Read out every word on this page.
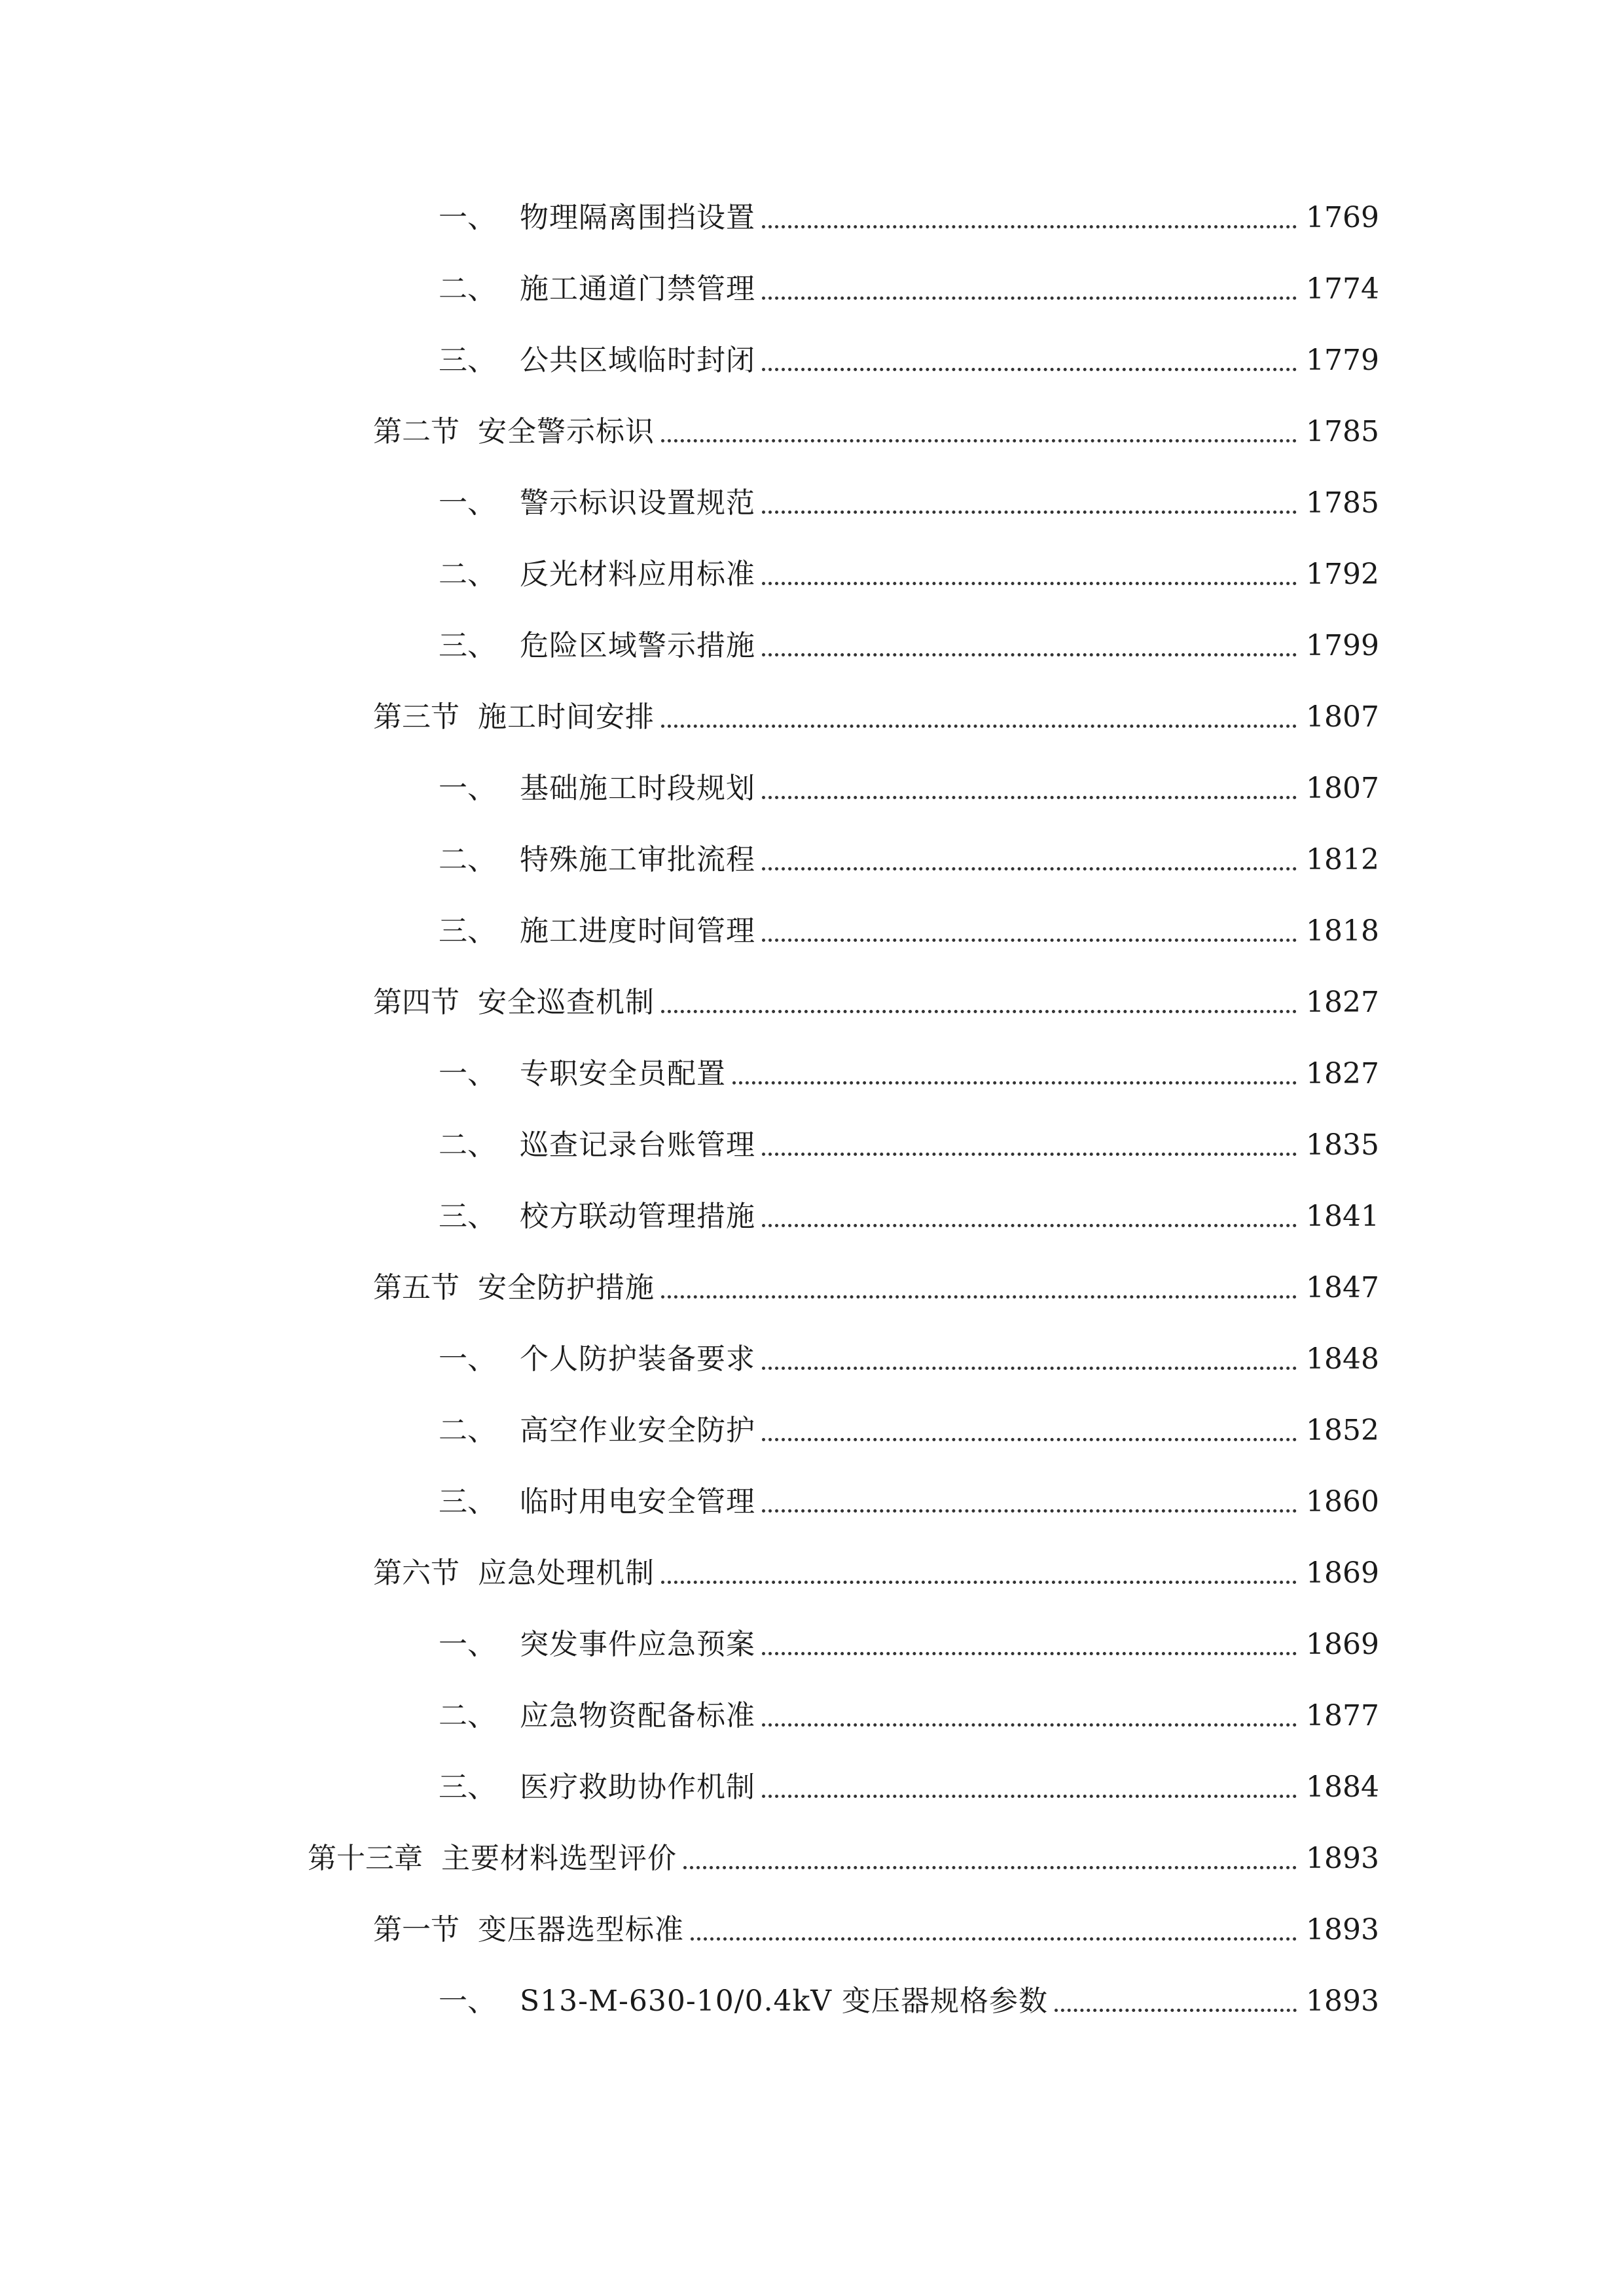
一、 物理隔离围挡设置	1769
二、 施工通道门禁管理	1774
三、 公共区域临时封闭	1779
第二节 安全警示标识	1785
一、 警示标识设置规范	1785
二、 反光材料应用标准	1792
三、 危险区域警示措施	1799
第三节 施工时间安排	1807
一、 基础施工时段规划	1807
二、 特殊施工审批流程	1812
三、 施工进度时间管理	1818
第四节 安全巡查机制	1827
一、 专职安全员配置	1827
二、 巡查记录台账管理	1835
三、 校方联动管理措施	1841
第五节 安全防护措施	1847
一、 个人防护装备要求	1848
二、 高空作业安全防护	1852
三、 临时用电安全管理	1860
第六节 应急处理机制	1869
一、 突发事件应急预案	1869
二、 应急物资配备标准	1877
三、 医疗救助协作机制	1884
第十三章 主要材料选型评价	1893
第一节 变压器选型标准	1893
一、 S13-M-630-10/0.4kV 变压器规格参数	1893
